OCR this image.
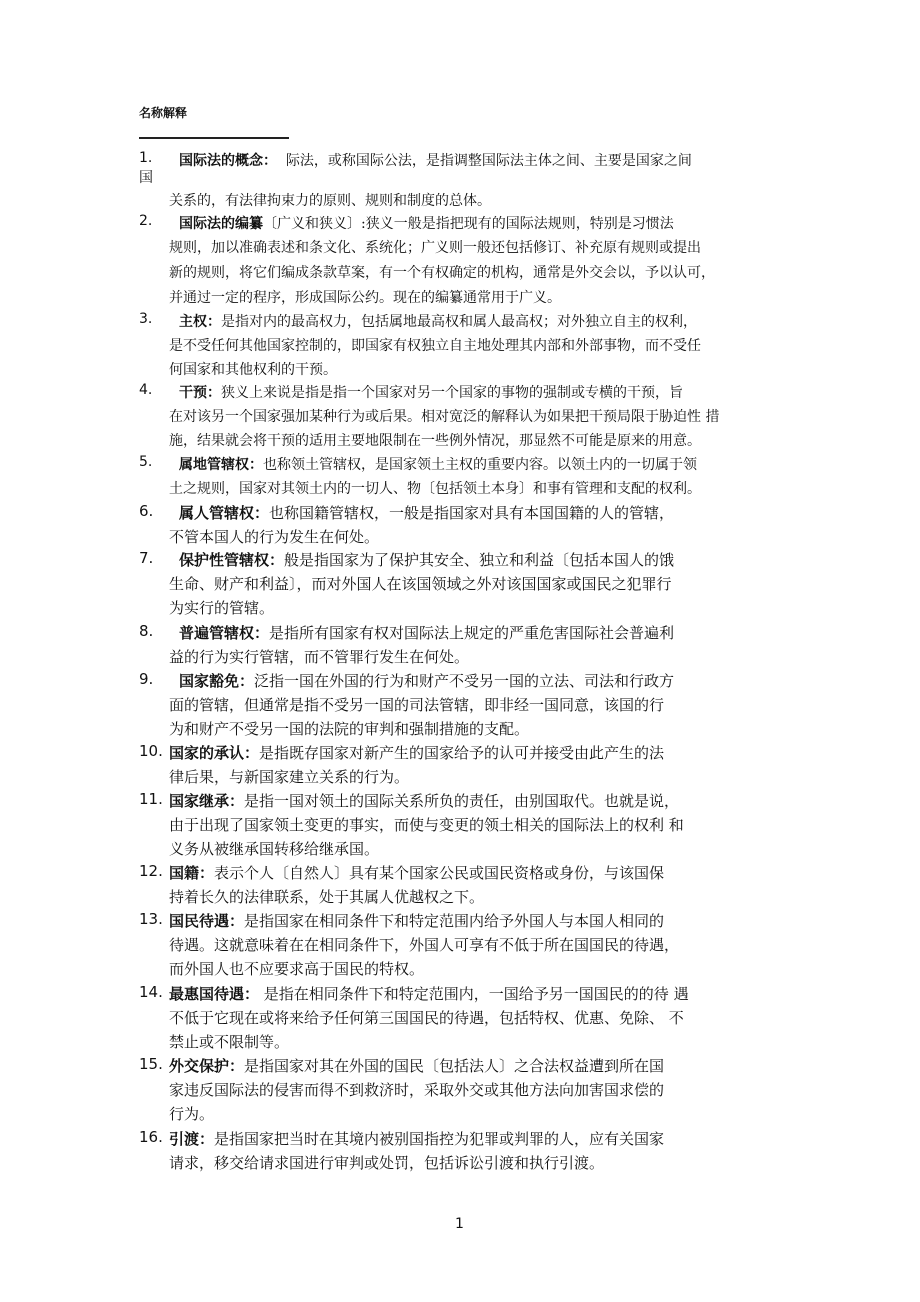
名称解释
1. 国际法的概念： 际法，或称国际公法，是指调整国际法主体之间、主要是国家之间
国
关系的，有法律拘束力的原则、规则和制度的总体。
2. 国际法的编纂〔广义和狭义〕:狭义一般是指把现有的国际法规则，特别是习惯法
规则，加以准确表述和条文化、系统化；广义则一般还包括修订、补充原有规则或提出
新的规则，将它们编成条款草案，有一个有权确定的机构，通常是外交会以，予以认可，
并通过一定的程序，形成国际公约。现在的编纂通常用于广义。
3. 主权：是指对内的最高权力，包括属地最高权和属人最高权；对外独立自主的权利，
是不受任何其他国家控制的，即国家有权独立自主地处理其内部和外部事物，而不受任
何国家和其他权利的干预。
4. 干预：狭义上来说是指是指一个国家对另一个国家的事物的强制或专横的干预，旨
在对该另一个国家强加某种行为或后果。相对宽泛的解释认为如果把干预局限于胁迫性 措
施，结果就会将干预的适用主要地限制在一些例外情况，那显然不可能是原来的用意。
5. 属地管辖权：也称领土管辖权，是国家领土主权的重要内容。以领土内的一切属于领
土之规则，国家对其领土内的一切人、物〔包括领土本身〕和事有管理和支配的权利。
6. 属人管辖权：也称国籍管辖权，一般是指国家对具有本国国籍的人的管辖，
不管本国人的行为发生在何处。
7. 保护性管辖权：般是指国家为了保护其安全、独立和利益〔包括本国人的饿
生命、财产和利益〕，而对外国人在该国领域之外对该国国家或国民之犯罪行
为实行的管辖。
8. 普遍管辖权：是指所有国家有权对国际法上规定的严重危害国际社会普遍利
益的行为实行管辖，而不管罪行发生在何处。
9. 国家豁免：泛指一国在外国的行为和财产不受另一国的立法、司法和行政方
面的管辖，但通常是指不受另一国的司法管辖，即非经一国同意，该国的行
为和财产不受另一国的法院的审判和强制措施的支配。
10. 国家的承认：是指既存国家对新产生的国家给予的认可并接受由此产生的法
律后果，与新国家建立关系的行为。
11. 国家继承：是指一国对领土的国际关系所负的责任，由别国取代。也就是说，
由于出现了国家领土变更的事实，而使与变更的领土相关的国际法上的权利 和
义务从被继承国转移给继承国。
12. 国籍：表示个人〔自然人〕具有某个国家公民或国民资格或身份，与该国保
持着长久的法律联系，处于其属人优越权之下。
13. 国民待遇：是指国家在相同条件下和特定范围内给予外国人与本国人相同的
待遇。这就意味着在在相同条件下，外国人可享有不低于所在国国民的待遇，
而外国人也不应要求高于国民的特权。
14. 最惠国待遇： 是指在相同条件下和特定范围内，一国给予另一国国民的的待 遇
不低于它现在或将来给予任何第三国国民的待遇，包括特权、优惠、免除、 不
禁止或不限制等。
15. 外交保护：是指国家对其在外国的国民〔包括法人〕之合法权益遭到所在国
家违反国际法的侵害而得不到救济时，采取外交或其他方法向加害国求偿的
行为。
16. 引渡：是指国家把当时在其境内被别国指控为犯罪或判罪的人，应有关国家
请求，移交给请求国进行审判或处罚，包括诉讼引渡和执行引渡。
1
